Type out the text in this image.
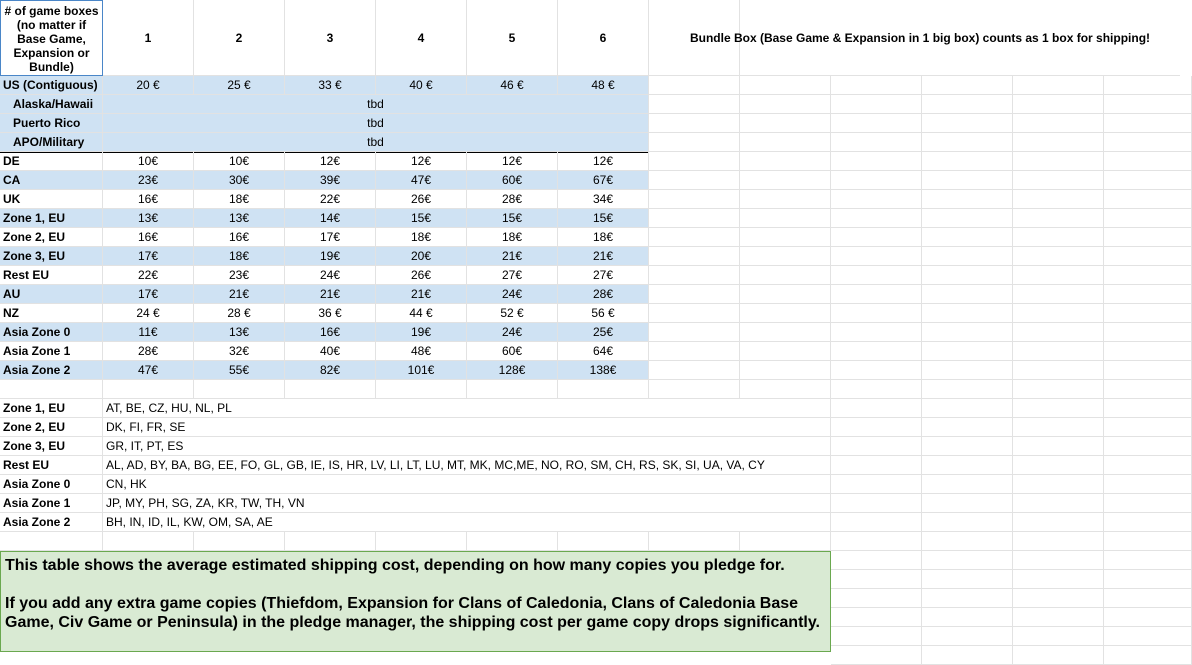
# of game boxes (no matter if Base Game, Expansion or Bundle)
1	2	3	4	5	6	Bundle Box (Base Game & Expansion in 1 big box) counts as 1 box for shipping!
US (Contiguous)	20 €	25 €	33 €	40 €	46 €	48 €
Alaska/Hawaii	tbd
Puerto Rico	tbd
APO/Military	tbd
DE	10€	10€	12€	12€	12€	12€
CA	23€	30€	39€	47€	60€	67€
UK	16€	18€	22€	26€	28€	34€
Zone 1, EU	13€	13€	14€	15€	15€	15€
Zone 2, EU	16€	16€	17€	18€	18€	18€
Zone 3, EU	17€	18€	19€	20€	21€	21€
Rest EU	22€	23€	24€	26€	27€	27€
AU	17€	21€	21€	21€	24€	28€
NZ	24 €	28 €	36 €	44 €	52 €	56 €
Asia Zone 0	11€	13€	16€	19€	24€	25€
Asia Zone 1	28€	32€	40€	48€	60€	64€
Asia Zone 2	47€	55€	82€	101€	128€	138€
Zone 1, EU	AT, BE, CZ, HU, NL, PL
Zone 2, EU	DK, FI, FR, SE
Zone 3, EU	GR, IT, PT, ES
Rest EU	AL, AD, BY, BA, BG, EE, FO, GL, GB, IE, IS, HR, LV, LI, LT, LU, MT, MK, MC,ME, NO, RO, SM, CH, RS, SK, SI, UA, VA, CY
Asia Zone 0	CN, HK
Asia Zone 1	JP, MY, PH, SG, ZA, KR, TW, TH, VN
Asia Zone 2	BH, IN, ID, IL, KW, OM, SA, AE

This table shows the average estimated shipping cost, depending on how many copies you pledge for.

If you add any extra game copies (Thiefdom, Expansion for Clans of Caledonia, Clans of Caledonia Base Game, Civ Game or Peninsula) in the pledge manager, the shipping cost per game copy drops significantly.
